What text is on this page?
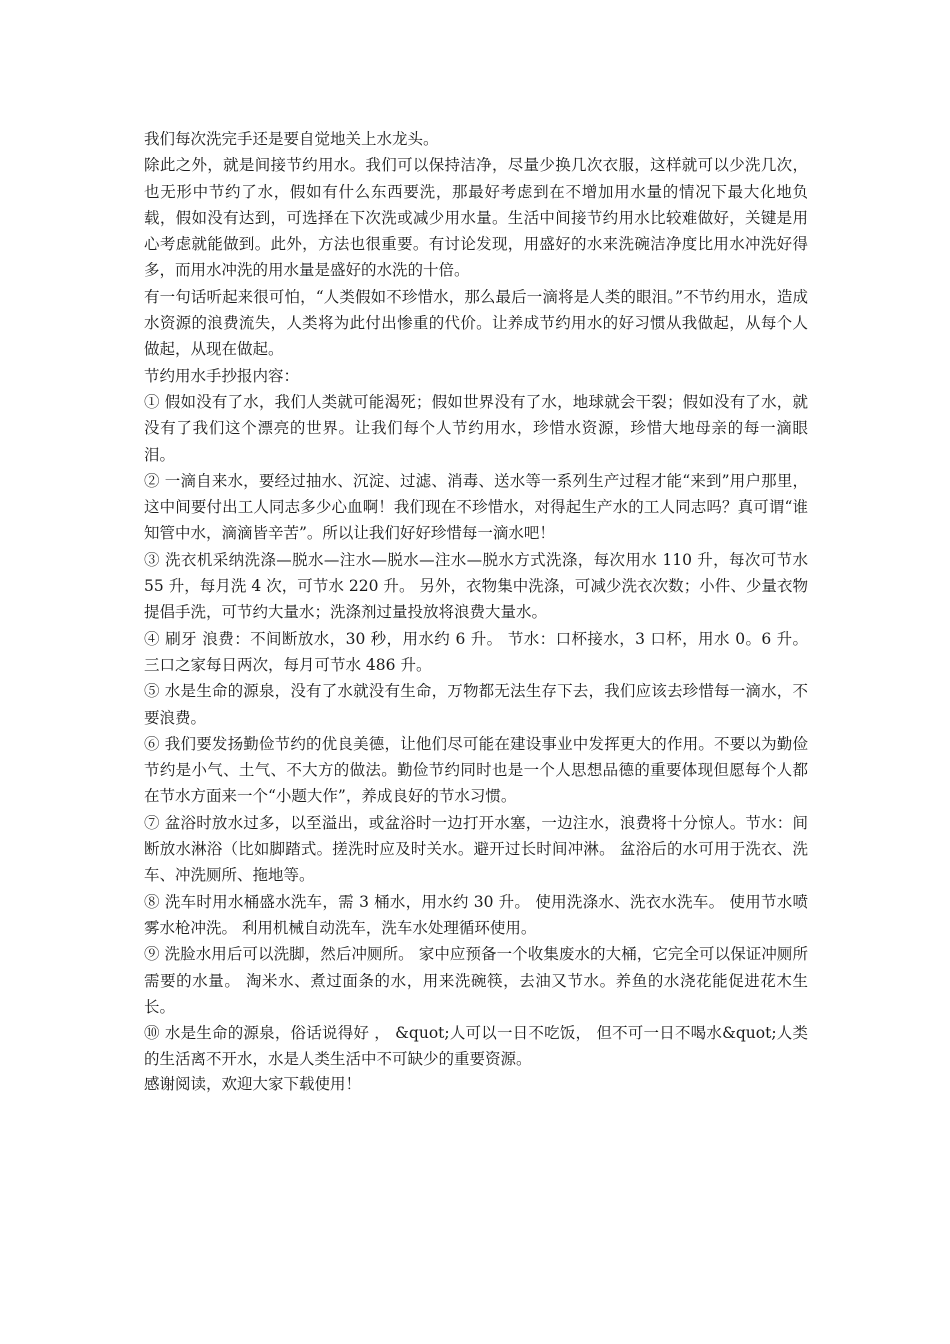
我们每次洗完手还是要自觉地关上水龙头。

除此之外，就是间接节约用水。我们可以保持洁净，尽量少换几次衣服，这样就可以少洗几次，也无形中节约了水，假如有什么东西要洗，那最好考虑到在不增加用水量的情况下最大化地负载，假如没有达到，可选择在下次洗或减少用水量。生活中间接节约用水比较难做好，关键是用心考虑就能做到。此外，方法也很重要。有讨论发现，用盛好的水来洗碗洁净度比用水冲洗好得多，而用水冲洗的用水量是盛好的水洗的十倍。

有一句话听起来很可怕，“人类假如不珍惜水，那么最后一滴将是人类的眼泪。”不节约用水，造成水资源的浪费流失，人类将为此付出惨重的代价。让养成节约用水的好习惯从我做起，从每个人做起，从现在做起。

节约用水手抄报内容：

① 假如没有了水，我们人类就可能渴死；假如世界没有了水，地球就会干裂；假如没有了水，就没有了我们这个漂亮的世界。让我们每个人节约用水，珍惜水资源，珍惜大地母亲的每一滴眼泪。

② 一滴自来水，要经过抽水、沉淀、过滤、消毒、送水等一系列生产过程才能“来到”用户那里，这中间要付出工人同志多少心血啊！我们现在不珍惜水，对得起生产水的工人同志吗？真可谓“谁知管中水，滴滴皆辛苦”。所以让我们好好珍惜每一滴水吧！

③ 洗衣机采纳洗涤—脱水—注水—脱水—注水—脱水方式洗涤，每次用水 110 升，每次可节水 55 升，每月洗 4 次，可节水 220 升。 另外，衣物集中洗涤，可减少洗衣次数；小件、少量衣物提倡手洗，可节约大量水；洗涤剂过量投放将浪费大量水。

④ 刷牙 浪费：不间断放水，30 秒，用水约 6 升。 节水：口杯接水，3 口杯，用水 0。6 升。 三口之家每日两次，每月可节水 486 升。

⑤ 水是生命的源泉，没有了水就没有生命，万物都无法生存下去，我们应该去珍惜每一滴水，不要浪费。

⑥ 我们要发扬勤俭节约的优良美德，让他们尽可能在建设事业中发挥更大的作用。不要以为勤俭节约是小气、土气、不大方的做法。勤俭节约同时也是一个人思想品德的重要体现但愿每个人都在节水方面来一个“小题大作”，养成良好的节水习惯。

⑦ 盆浴时放水过多，以至溢出，或盆浴时一边打开水塞，一边注水，浪费将十分惊人。节水：间断放水淋浴（比如脚踏式。搓洗时应及时关水。避开过长时间冲淋。 盆浴后的水可用于洗衣、洗车、冲洗厕所、拖地等。

⑧ 洗车时用水桶盛水洗车，需 3 桶水，用水约 30 升。 使用洗涤水、洗衣水洗车。 使用节水喷雾水枪冲洗。 利用机械自动洗车，洗车水处理循环使用。

⑨ 洗脸水用后可以洗脚，然后冲厕所。 家中应预备一个收集废水的大桶，它完全可以保证冲厕所需要的水量。 淘米水、煮过面条的水，用来洗碗筷，去油又节水。养鱼的水浇花能促进花木生长。

⑩ 水是生命的源泉，俗话说得好 ， &quot;人可以一日不吃饭， 但不可一日不喝水&quot;人类的生活离不开水，水是人类生活中不可缺少的重要资源。

感谢阅读，欢迎大家下载使用！
